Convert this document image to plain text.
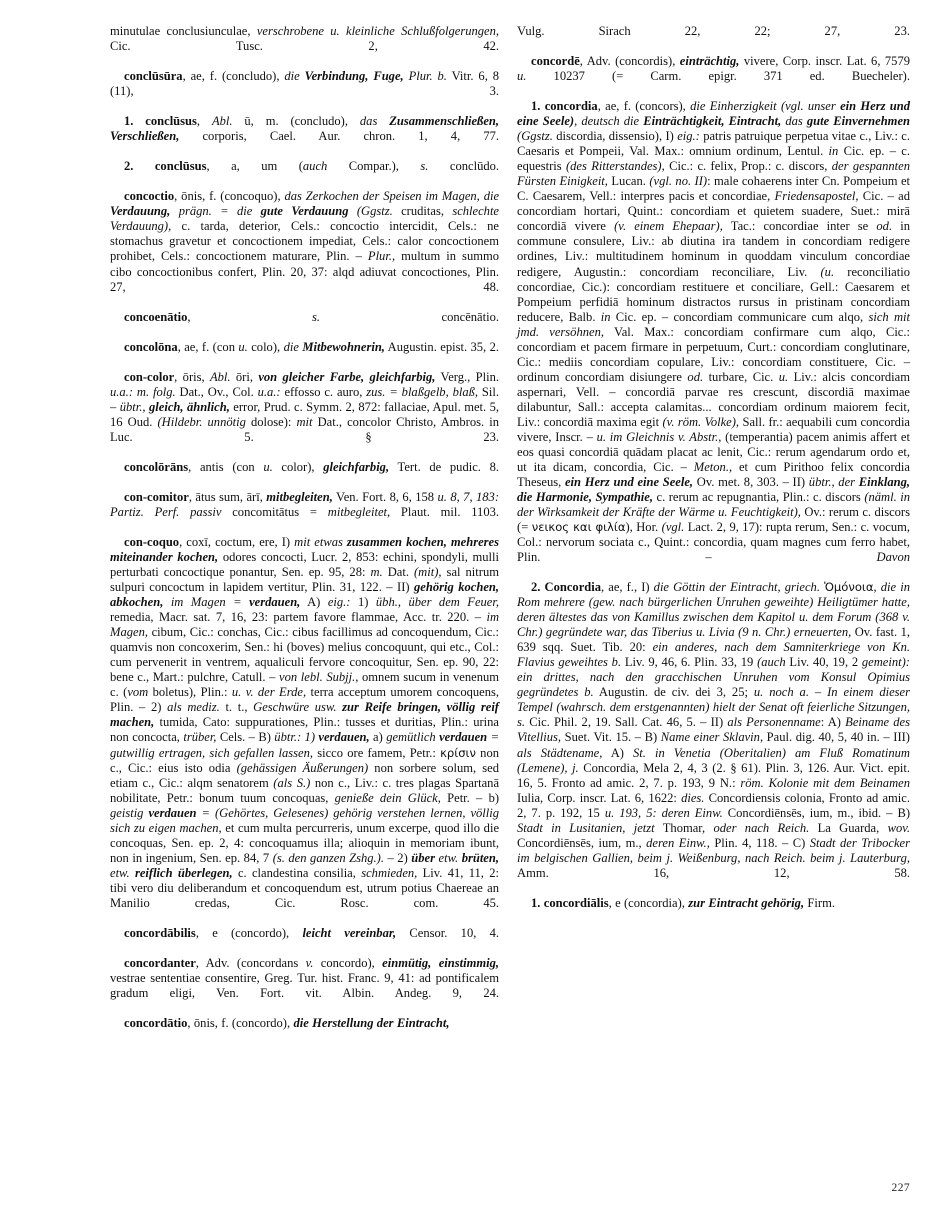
minutulae conclusiunculae, verschrobene u. kleinliche Schlußfolgerungen, Cic. Tusc. 2, 42.

conclūsūra, ae, f. (concludo), die Verbindung, Fuge, Plur. b. Vitr. 6, 8 (11), 3.

1. conclūsus, Abl. ū, m. (concludo), das Zusammenschließen, Verschließen, corporis, Cael. Aur. chron. 1, 4, 77.

2. conclūsus, a, um (auch Compar.), s. conclūdo.

concoctio, ōnis, f. (concoquo), das Zerkochen der Speisen im Magen, die Verdauung, prägn. = die gute Verdauung (Ggstz. cruditas, schlechte Verdauung), c. tarda, deterior, Cels.: concoctio intercidit, Cels.: ne stomachus gravetur et concoctionem impediat, Cels.: calor concoctionem prohibet, Cels.: concoctionem maturare, Plin. – Plur., multum in summo cibo concoctionibus confert, Plin. 20, 37: alqd adiuvat concoctiones, Plin. 27, 48.

concoenātio, s. concēnātio.

concolōna, ae, f. (con u. colo), die Mitbewohnerin, Augustin. epist. 35, 2.

con-color, ōris, Abl. ōri, von gleicher Farbe, gleichfarbig, Verg., Plin. u.a.: m. folg. Dat., Ov., Col. u.a.: effosso c. auro, zus. = blaßgelb, blaß, Sil. – übtr., gleich, ähnlich, error, Prud. c. Symm. 2, 872: fallaciae, Apul. met. 5, 16 Oud. (Hildebr. unnötig dolose): mit Dat., concolor Christo, Ambros. in Luc. 5. § 23.

concolōrāns, antis (con u. color), gleichfarbig, Tert. de pudic. 8.

con-comitor, ātus sum, ārī, mitbegleiten, Ven. Fort. 8, 6, 158 u. 8, 7, 183: Partiz. Perf. passiv concomitātus = mitbegleitet, Plaut. mil. 1103.

con-coquo, coxī, coctum, ere, I) mit etwas zusammen kochen, mehreres miteinander kochen, odores concocti, Lucr. 2, 853: echini, spondyli, mulli perturbati concoctique ponantur, Sen. ep. 95, 28: m. Dat. (mit), sal nitrum sulpuri concoctum in lapidem vertitur, Plin. 31, 122. – II) gehörig kochen, abkochen, im Magen = verdauen, A) eig.: 1) übh., über dem Feuer, remedia, Macr. sat. 7, 16, 23: partem favore flammae, Acc. tr. 220. – im Magen, cibum, Cic.: conchas, Cic.: cibus facillimus ad concoquendum, Cic.: quamvis non concoxerim, Sen.: hi (boves) melius concoquunt, qui etc., Col.: cum pervenerit in ventrem, aqualiculi fervore concoquitur, Sen. ep. 90, 22: bene c., Mart.: pulchre, Catull. – von lebl. Subjj., omnem sucum in venenum c. (vom boletus), Plin.: u. v. der Erde, terra acceptum umorem concoquens, Plin. – 2) als mediz. t. t., Geschwüre usw. zur Reife bringen, völlig reif machen, tumida, Cato: suppurationes, Plin.: tusses et duritias, Plin.: urina non concocta, trüber, Cels. – B) übtr.: 1) verdauen, a) gemütlich verdauen = gutwillig ertragen, sich gefallen lassen, sicco ore famem, Petr.: κρίσιν non c., Cic.: eius isto odia (gehässigen Äußerungen) non sorbere solum, sed etiam c., Cic.: alqm senatorem (als S.) non c., Liv.: c. tres plagas Spartanā nobilitate, Petr.: bonum tuum concoquas, genieße dein Glück, Petr. – b) geistig verdauen = (Gehörtes, Gelesenes) gehörig verstehen lernen, völlig sich zu eigen machen, et cum multa percurreris, unum excerpe, quod illo die concoquas, Sen. ep. 2, 4: concoquamus illa; alioquin in memoriam ibunt, non in ingenium, Sen. ep. 84, 7 (s. den ganzen Zshg.). – 2) über etw. brüten, etw. reiflich überlegen, c. clandestina consilia, schmieden, Liv. 41, 11, 2: tibi vero diu deliberandum et concoquendum est, utrum potius Chaereae an Manilio credas, Cic. Rosc. com. 45.

concordābilis, e (concordo), leicht vereinbar, Censor. 10, 4.

concordanter, Adv. (concordans v. concordo), einmütig, einstimmig, vestrae sententiae consentire, Greg. Tur. hist. Franc. 9, 41: ad pontificalem gradum eligi, Ven. Fort. vit. Albin. Andeg. 9, 24.

concordātio, ōnis, f. (concordo), die Herstellung der Eintracht,

Vulg. Sirach 22, 22; 27, 23.

concordē, Adv. (concordis), einträchtig, vivere, Corp. inscr. Lat. 6, 7579 u. 10237 (= Carm. epigr. 371 ed. Buecheler).

1. concordia, ae, f. (concors), die Einherzigkeit (vgl. unser ein Herz und eine Seele), deutsch die Einträchtigkeit, Eintracht, das gute Einvernehmen (Ggstz. discordia, dissensio), I) eig.: patris patruique perpetua vitae c., Liv.: c. Caesaris et Pompeii, Val. Max.: omnium ordinum, Lentul. in Cic. ep. – c. equestris (des Ritterstandes), Cic.: c. felix, Prop.: c. discors, der gespannten Fürsten Einigkeit, Lucan. (vgl. no. II): male cohaerens inter Cn. Pompeium et C. Caesarem, Vell.: interpres pacis et concordiae, Friedensapostel, Cic. – ad concordiam hortari, Quint.: concordiam et quietem suadere, Suet.: mirā concordiā vivere (v. einem Ehepaar), Tac.: concordiae inter se od. in commune consulere, Liv.: ab diutina ira tandem in concordiam redigere ordines, Liv.: multitudinem hominum in quoddam vinculum concordiae redigere, Augustin.: concordiam reconciliare, Liv. (u. reconciliatio concordiae, Cic.): concordiam restituere et conciliare, Gell.: Caesarem et Pompeium perfidiā hominum distractos rursus in pristinam concordiam reducere, Balb. in Cic. ep. – concordiam communicare cum alqo, sich mit jmd. versöhnen, Val. Max.: concordiam confirmare cum alqo, Cic.: concordiam et pacem firmare in perpetuum, Curt.: concordiam conglutinare, Cic.: mediis concordiam copulare, Liv.: concordiam constituere, Cic. – ordinum concordiam disiungere od. turbare, Cic. u. Liv.: alcis concordiam aspernari, Vell. – concordiā parvae res crescunt, discordiā maximae dilabuntur, Sall.: accepta calamitas... concordiam ordinum maiorem fecit, Liv.: concordiā maxima egit (v. röm. Volke), Sall. fr.: aequabili cum concordia vivere, Inscr. – u. im Gleichnis v. Abstr., (temperantia) pacem animis affert et eos quasi concordiā quādam placat ac lenit, Cic.: rerum agendarum ordo et, ut ita dicam, concordia, Cic. – Meton., et cum Pirithoo felix concordia Theseus, ein Herz und eine Seele, Ov. met. 8, 303. – II) übtr., der Einklang, die Harmonie, Sympathie, c. rerum ac repugnantia, Plin.: c. discors (näml. in der Wirksamkeit der Kräfte der Wärme u. Feuchtigkeit), Ov.: rerum c. discors (= νεικος και φιλία), Hor. (vgl. Lact. 2, 9, 17): rupta rerum, Sen.: c. vocum, Col.: nervorum sociata c., Quint.: concordia, quam magnes cum ferro habet, Plin. – Davon

2. Concordia, ae, f., I) die Göttin der Eintracht, griech. Ὁμόνοια, die in Rom mehrere (gew. nach bürgerlichen Unruhen geweihte) Heiligtümer hatte, deren ältestes das von Kamillus zwischen dem Kapitol u. dem Forum (368 v. Chr.) gegründete war, das Tiberius u. Livia (9 n. Chr.) erneuerten, Ov. fast. 1, 639 sqq. Suet. Tib. 20: ein anderes, nach dem Samniterkriege von Kn. Flavius geweihtes b. Liv. 9, 46, 6. Plin. 33, 19 (auch Liv. 40, 19, 2 gemeint): ein drittes, nach den gracchischen Unruhen vom Konsul Opimius gegründetes b. Augustin. de civ. dei 3, 25; u. noch a. – In einem dieser Tempel (wahrsch. dem erstgenannten) hielt der Senat oft feierliche Sitzungen, s. Cic. Phil. 2, 19. Sall. Cat. 46, 5. – II) als Personenname: A) Beiname des Vitellius, Suet. Vit. 15. – B) Name einer Sklavin, Paul. dig. 40, 5, 40 in. – III) als Städtename, A) St. in Venetia (Oberitalien) am Fluß Romatinum (Lemene), j. Concordia, Mela 2, 4, 3 (2. § 61). Plin. 3, 126. Aur. Vict. epit. 16, 5. Fronto ad amic. 2, 7. p. 193, 9 N.: röm. Kolonie mit dem Beinamen Iulia, Corp. inscr. Lat. 6, 1622: dies. Concordiensis colonia, Fronto ad amic. 2, 7. p. 192, 15 u. 193, 5: deren Einw. Concordiēnsēs, ium, m., ibid. – B) Stadt in Lusitanien, jetzt Thomar, oder nach Reich. La Guarda, wov. Concordiēnsēs, ium, m., deren Einw., Plin. 4, 118. – C) Stadt der Tribocker im belgischen Gallien, beim j. Weißenburg, nach Reich. beim j. Lauterburg, Amm. 16, 12, 58.

1. concordiālis, e (concordia), zur Eintracht gehörig, Firm.

227
